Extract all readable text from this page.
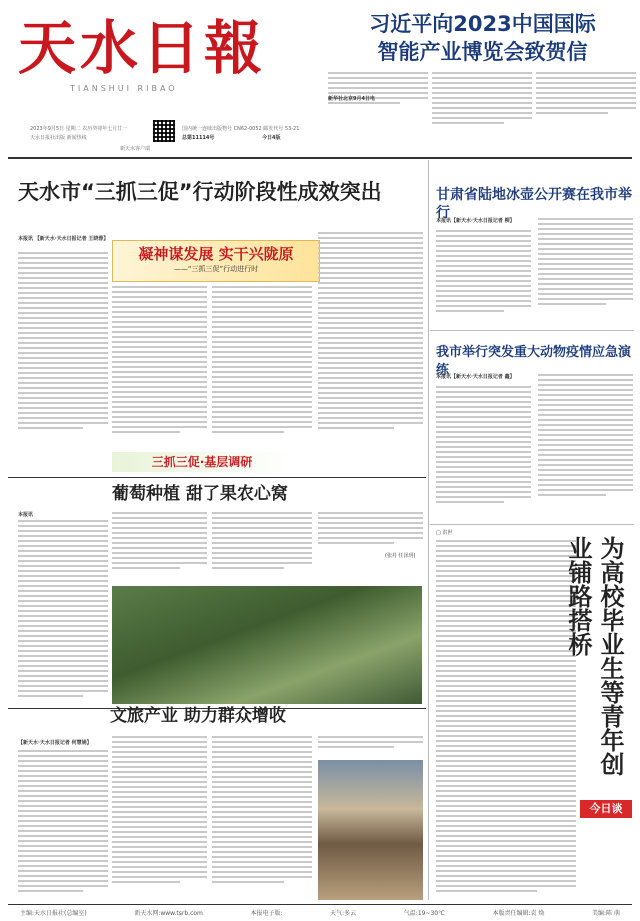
天水日報
TIANSHUI RIBAO
2023年9月5日 星期二 农历癸卯年七月廿一
天水日报社出版 新闻热线
国内统一连续出版物号 CN62-0052 邮发代号 53-21
总第11114号	今日4版
新天水客户端
习近平向2023中国国际
智能产业博览会致贺信
新华社北京9月4日电
天水市“三抓三促”行动阶段性成效突出
本报讯 【新天水·天水日报记者 王晓蓉】
凝神谋发展 实干兴陇原
——“三抓三促”行动进行时
三抓三促·基层调研
葡萄种植 甜了果农心窝
本报讯
(张丹 任泽玥)
文旅产业 助力群众增收
【新天水·天水日报记者 何慧娟】
甘肃省陆地冰壶公开赛在我市举行
本报讯【新天水·天水日报记者 柳】
我市举行突发重大动物疫情应急演练
本报讯【新天水·天水日报记者 鑫】
□ 洪世
为高校毕业生等青年创业铺路搭桥
今日谈
主编:天水日报社(总编室)	新天水网:www.tsrb.com	本报电子版:	天气:多云	气温:19~30℃	本版责任编辑:袁 焕	美编:陈 萌
